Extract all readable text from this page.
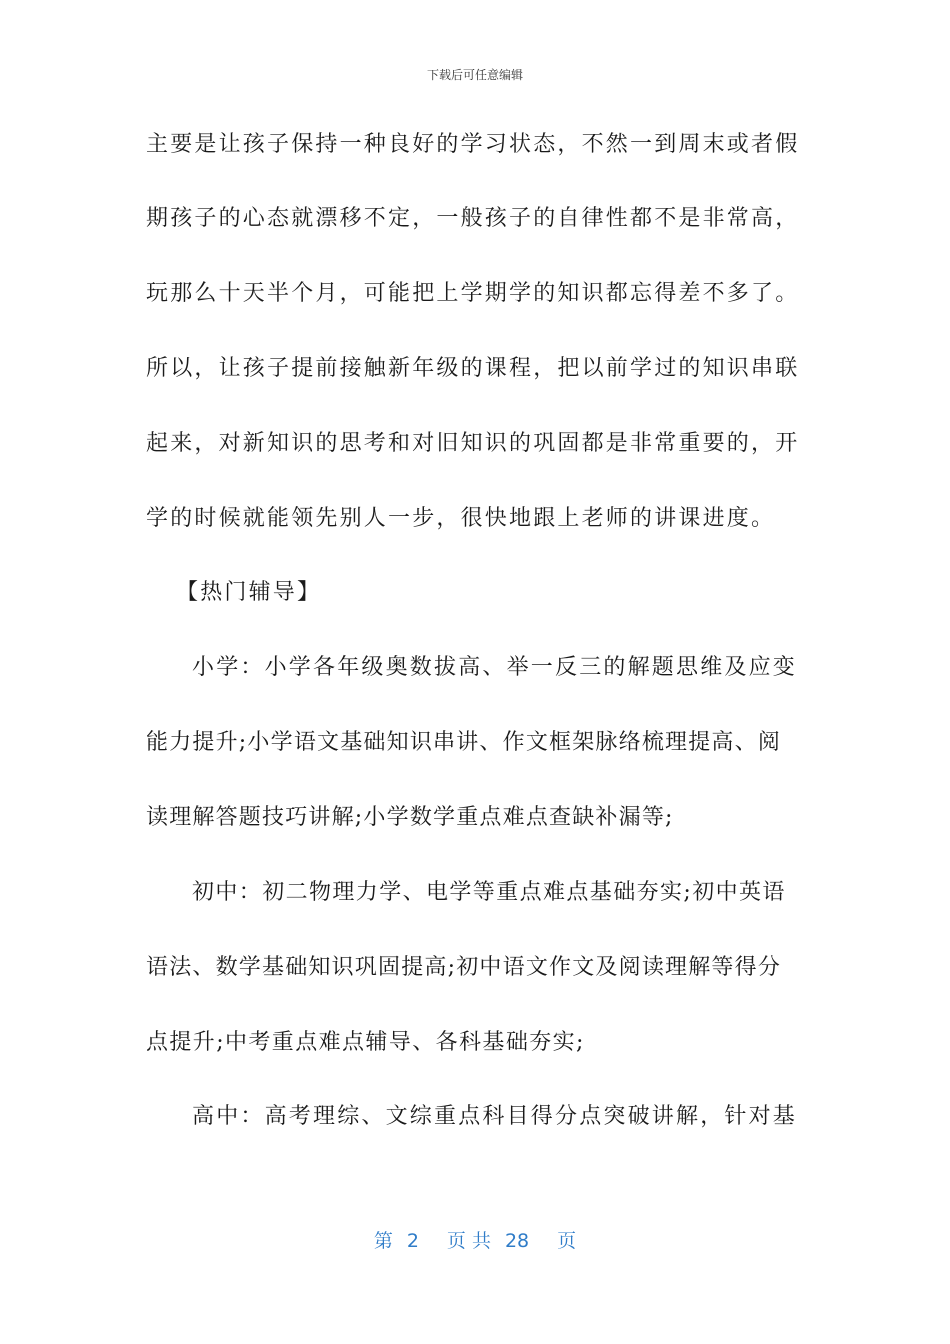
下载后可任意编辑
主要是让孩子保持一种良好的学习状态，不然一到周末或者假
期孩子的心态就漂移不定，一般孩子的自律性都不是非常高，
玩那么十天半个月，可能把上学期学的知识都忘得差不多了。
所以，让孩子提前接触新年级的课程，把以前学过的知识串联
起来，对新知识的思考和对旧知识的巩固都是非常重要的，开
学的时候就能领先别人一步，很快地跟上老师的讲课进度。
【热门辅导】
小学：小学各年级奥数拔高、举一反三的解题思维及应变
能力提升;小学语文基础知识串讲、作文框架脉络梳理提高、阅
读理解答题技巧讲解;小学数学重点难点查缺补漏等;
初中：初二物理力学、电学等重点难点基础夯实;初中英语
语法、数学基础知识巩固提高;初中语文作文及阅读理解等得分
点提升;中考重点难点辅导、各科基础夯实;
高中：高考理综、文综重点科目得分点突破讲解，针对基
第 2 页 共 28 页
